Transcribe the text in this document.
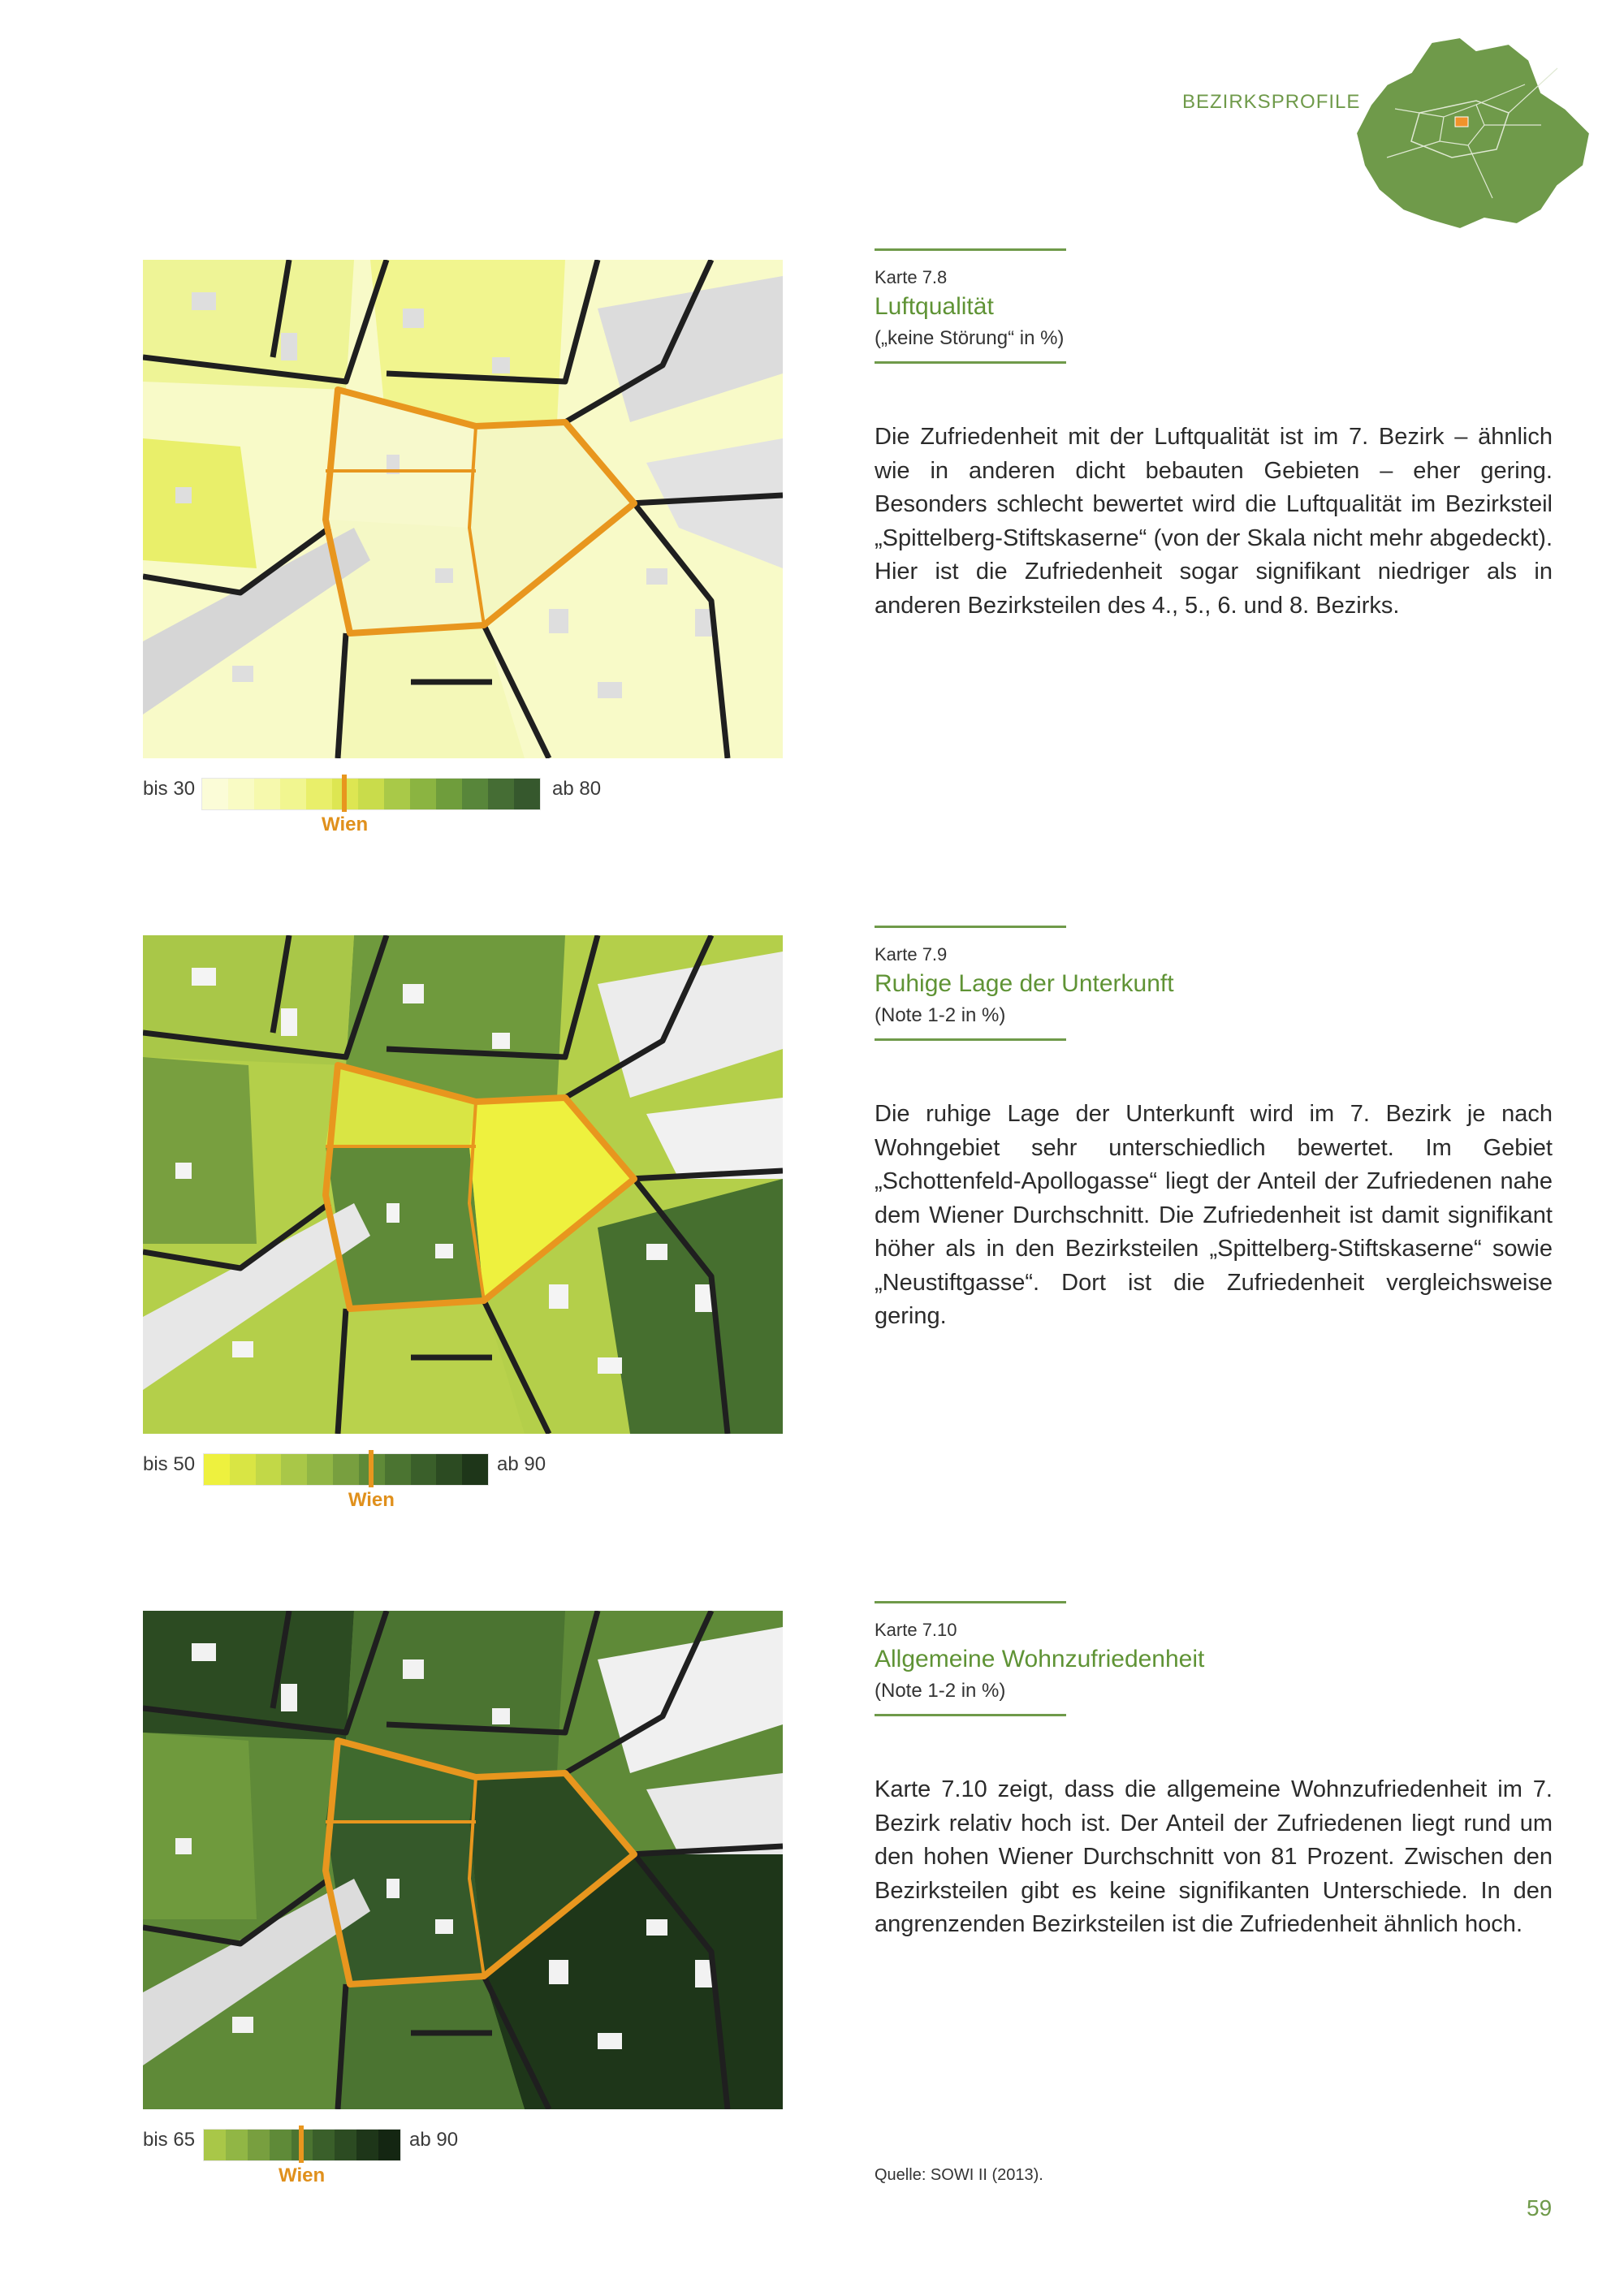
BEZIRKSPROFILE
bis 30	ab 80
Wien
Karte 7.8
Luftqualität
(„keine Störung“ in %)
Die Zufriedenheit mit der Luftqualität ist im 7. Bezirk – ähnlich wie in anderen dicht bebauten Gebieten – eher gering. Besonders schlecht bewertet wird die Luftqualität im Bezirksteil „Spittelberg-Stiftskaserne“ (von der Skala nicht mehr abgedeckt). Hier ist die Zufriedenheit sogar signifikant niedriger als in anderen Bezirksteilen des 4., 5., 6. und 8. Bezirks.
bis 50	ab 90
Wien
Karte 7.9
Ruhige Lage der Unterkunft
(Note 1-2 in %)
Die ruhige Lage der Unterkunft wird im 7. Bezirk je nach Wohngebiet sehr unterschiedlich bewertet. Im Gebiet „Schottenfeld-Apollogasse“ liegt der Anteil der Zufriedenen nahe dem Wiener Durchschnitt. Die Zufriedenheit ist damit signifikant höher als in den Bezirksteilen „Spittelberg-Stiftskaserne“ sowie „Neustiftgasse“. Dort ist die Zufriedenheit vergleichsweise gering.
bis 65	ab 90
Wien
Karte 7.10
Allgemeine Wohnzufriedenheit
(Note 1-2 in %)
Karte 7.10 zeigt, dass die allgemeine Wohnzufriedenheit im 7. Bezirk relativ hoch ist. Der Anteil der Zufriedenen liegt rund um den hohen Wiener Durchschnitt von 81 Prozent. Zwischen den Bezirksteilen gibt es keine signifikanten Unterschiede. In den angrenzenden Bezirksteilen ist die Zufriedenheit ähnlich hoch.
Quelle: SOWI II (2013).
59
